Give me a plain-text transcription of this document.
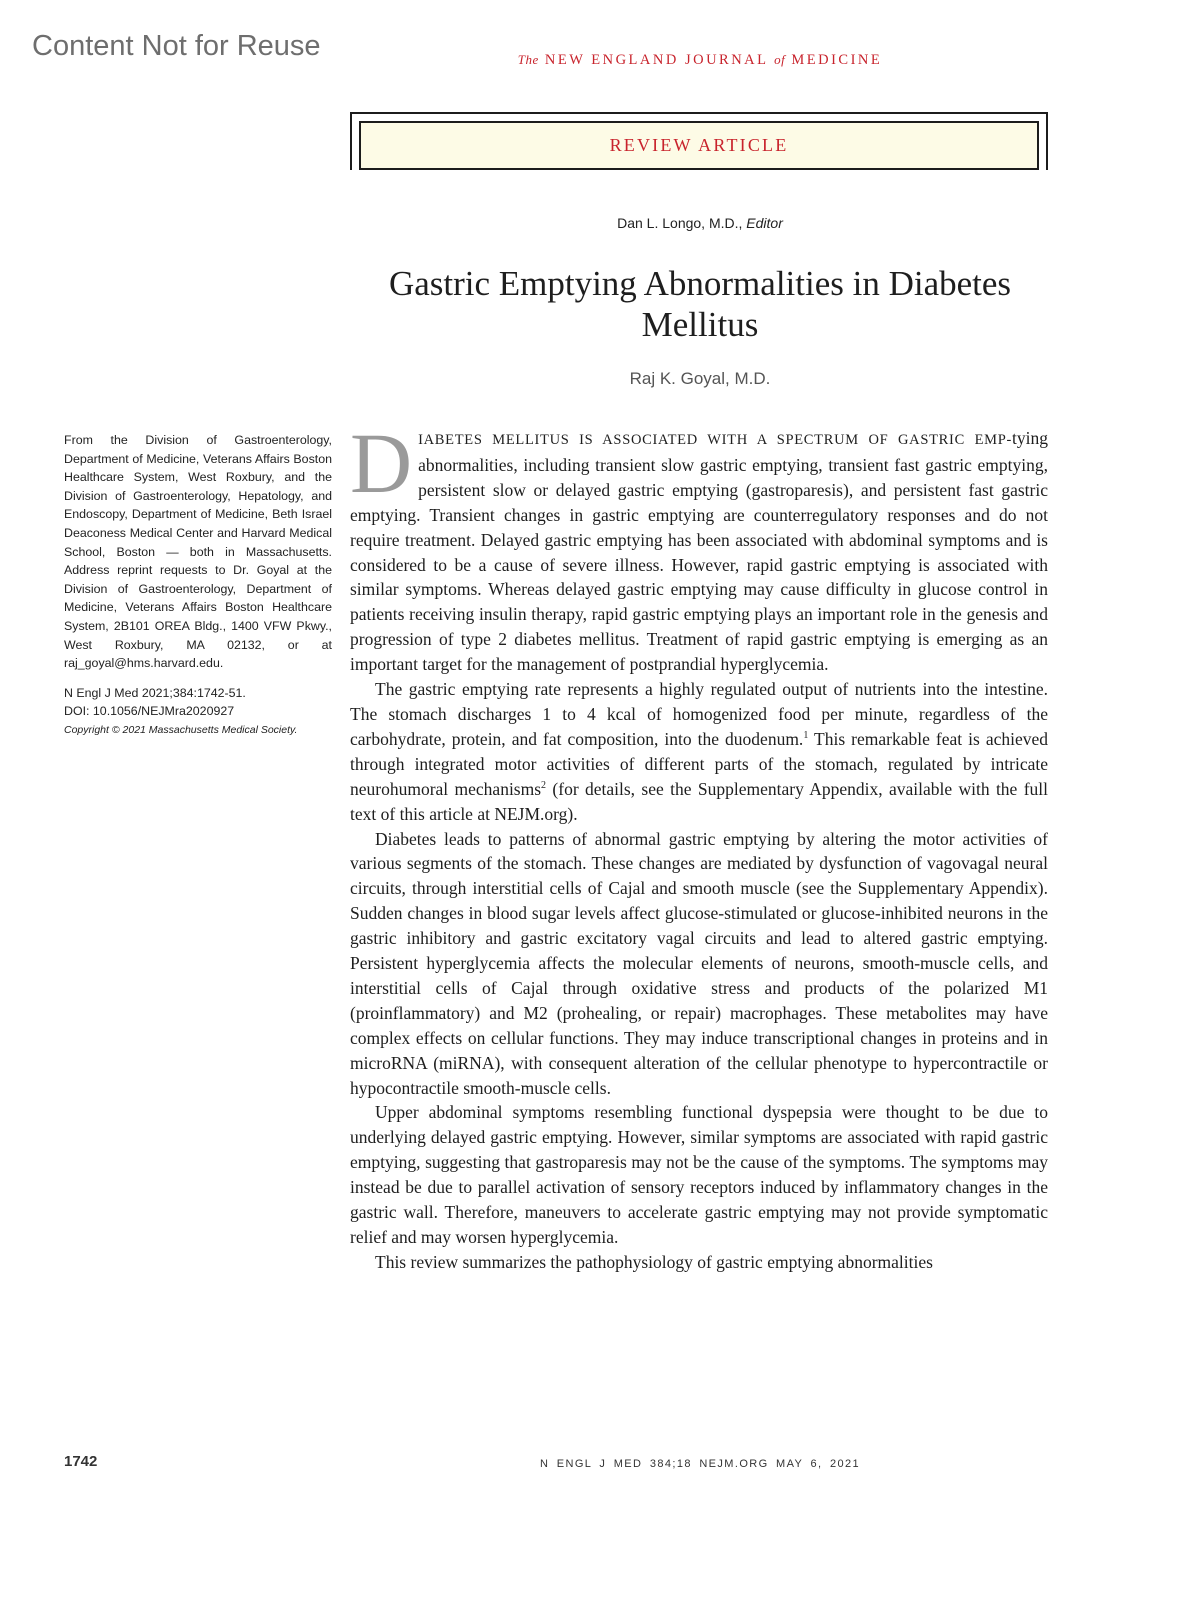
Content Not for Reuse	The NEW ENGLAND JOURNAL of MEDICINE
REVIEW ARTICLE
Dan L. Longo, M.D., Editor
Gastric Emptying Abnormalities in Diabetes Mellitus
Raj K. Goyal, M.D.

From the Division of Gastroenterology, Department of Medicine, Veterans Affairs Boston Healthcare System, West Roxbury, and the Division of Gastroenterology, Hepatology, and Endoscopy, Department of Medicine, Beth Israel Deaconess Medical Center and Harvard Medical School, Boston — both in Massachusetts. Address reprint requests to Dr. Goyal at the Division of Gastroenterology, Department of Medicine, Veterans Affairs Boston Healthcare System, 2B101 OREA Bldg., 1400 VFW Pkwy., West Roxbury, MA 02132, or at raj_goyal@hms.harvard.edu.

N Engl J Med 2021;384:1742-51.
DOI: 10.1056/NEJMra2020927
Copyright © 2021 Massachusetts Medical Society.

DIABETES MELLITUS IS ASSOCIATED WITH A SPECTRUM OF GASTRIC EMP-tying abnormalities, including transient slow gastric emptying, transient fast gastric emptying, persistent slow or delayed gastric emptying (gastroparesis), and persistent fast gastric emptying. Transient changes in gastric emptying are counterregulatory responses and do not require treatment. Delayed gastric emptying has been associated with abdominal symptoms and is considered to be a cause of severe illness. However, rapid gastric emptying is associated with similar symptoms. Whereas delayed gastric emptying may cause difficulty in glucose control in patients receiving insulin therapy, rapid gastric emptying plays an important role in the genesis and progression of type 2 diabetes mellitus. Treatment of rapid gastric emptying is emerging as an important target for the management of postprandial hyperglycemia.

The gastric emptying rate represents a highly regulated output of nutrients into the intestine. The stomach discharges 1 to 4 kcal of homogenized food per minute, regardless of the carbohydrate, protein, and fat composition, into the duodenum.$^1$ This remarkable feat is achieved through integrated motor activities of different parts of the stomach, regulated by intricate neurohumoral mechanisms$^2$ (for details, see the Supplementary Appendix, available with the full text of this article at NEJM.org).

Diabetes leads to patterns of abnormal gastric emptying by altering the motor activities of various segments of the stomach. These changes are mediated by dysfunction of vagovagal neural circuits, through interstitial cells of Cajal and smooth muscle (see the Supplementary Appendix). Sudden changes in blood sugar levels affect glucose-stimulated or glucose-inhibited neurons in the gastric inhibitory and gastric excitatory vagal circuits and lead to altered gastric emptying. Persistent hyperglycemia affects the molecular elements of neurons, smooth-muscle cells, and interstitial cells of Cajal through oxidative stress and products of the polarized M1 (proinflammatory) and M2 (prohealing, or repair) macrophages. These metabolites may have complex effects on cellular functions. They may induce transcriptional changes in proteins and in microRNA (miRNA), with consequent alteration of the cellular phenotype to hypercontractile or hypocontractile smooth-muscle cells.

Upper abdominal symptoms resembling functional dyspepsia were thought to be due to underlying delayed gastric emptying. However, similar symptoms are associated with rapid gastric emptying, suggesting that gastroparesis may not be the cause of the symptoms. The symptoms may instead be due to parallel activation of sensory receptors induced by inflammatory changes in the gastric wall. Therefore, maneuvers to accelerate gastric emptying may not provide symptomatic relief and may worsen hyperglycemia.

This review summarizes the pathophysiology of gastric emptying abnormalities

1742	N ENGL J MED 384;18 NEJM.ORG MAY 6, 2021
